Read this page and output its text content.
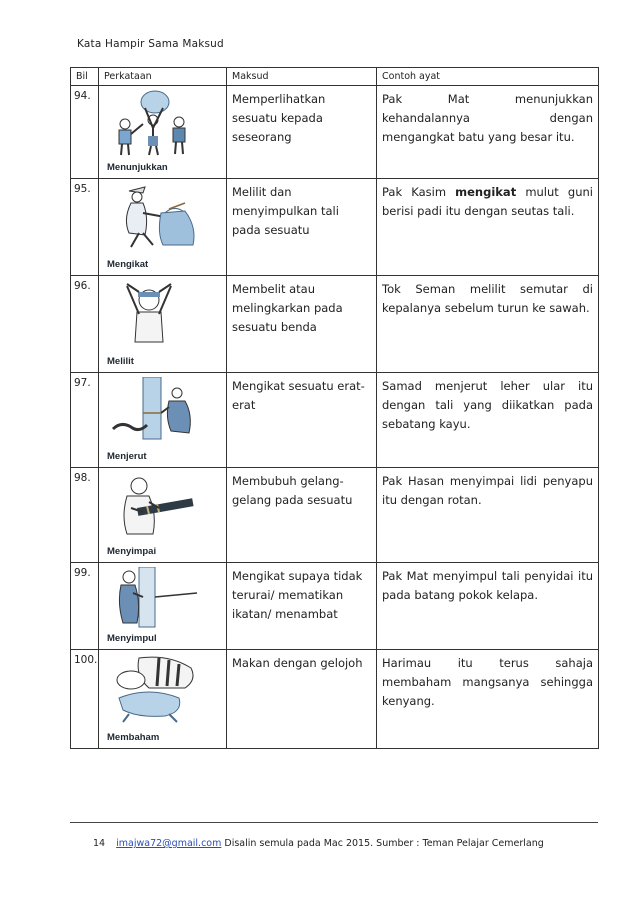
Kata Hampir Sama Maksud
Bil	Perkataan	Maksud	Contoh ayat
94.	Menunjukkan	Memperlihatkan sesuatu kepada seseorang	Pak Mat menunjukkan kehandalannya dengan mengangkat batu yang besar itu.
95.	Mengikat	Melilit dan menyimpulkan tali pada sesuatu	Pak Kasim mengikat mulut guni berisi padi itu dengan seutas tali.
96.	Melilit	Membelit atau melingkarkan pada sesuatu benda	Tok Seman melilit semutar di kepalanya sebelum turun ke sawah.
97.	Menjerut	Mengikat sesuatu erat-erat	Samad menjerut leher ular itu dengan tali yang diikatkan pada sebatang kayu.
98.	Menyimpai	Membubuh gelang-gelang pada sesuatu	Pak Hasan menyimpai lidi penyapu itu dengan rotan.
99.	Menyimpul	Mengikat supaya tidak terurai/ mematikan ikatan/ menambat	Pak Mat menyimpul tali penyidai itu pada batang pokok kelapa.
100.	Membaham	Makan dengan gelojoh	Harimau itu terus sahaja membaham mangsanya sehingga kenyang.
14 imajwa72@gmail.com Disalin semula pada Mac 2015. Sumber : Teman Pelajar Cemerlang
